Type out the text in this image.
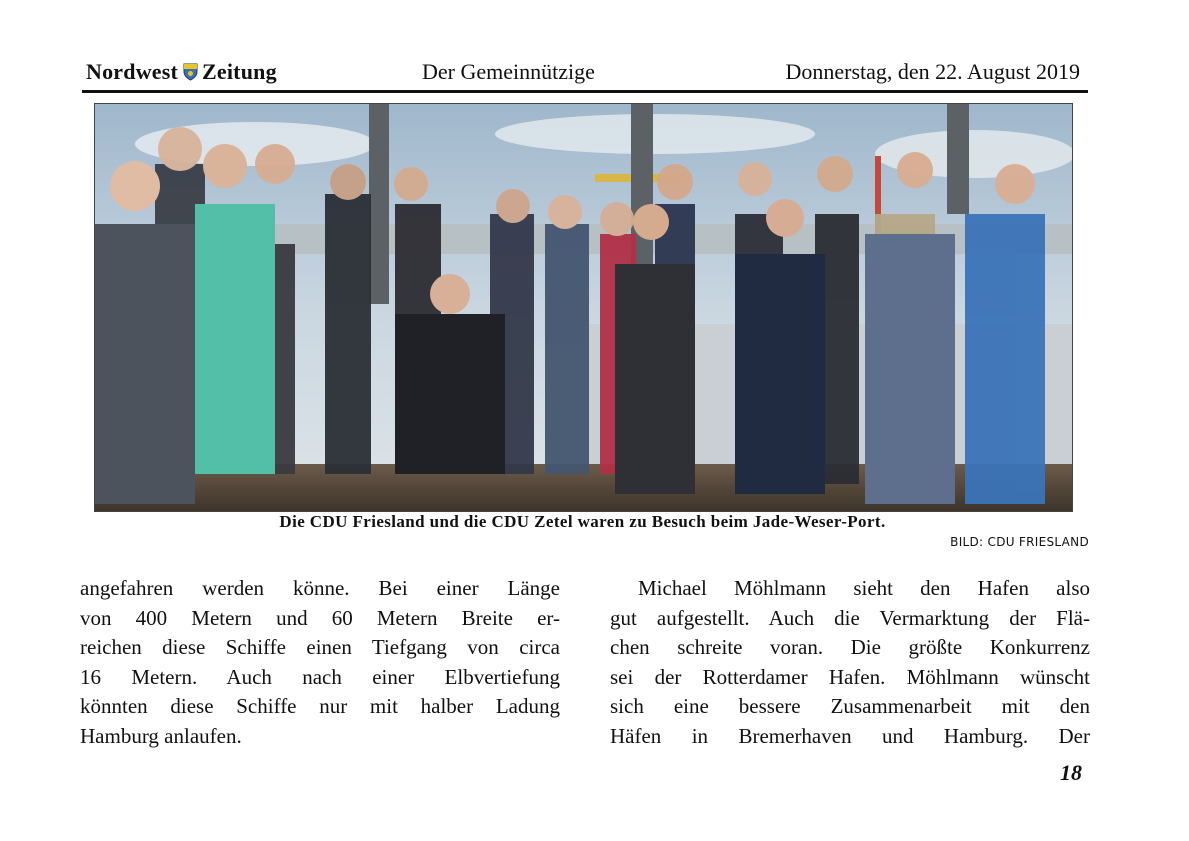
Nordwest Zeitung	Der Gemeinnützige	Donnerstag, den 22. August 2019
Die CDU Friesland und die CDU Zetel waren zu Besuch beim Jade-Weser-Port.
BILD: CDU FRIESLAND
angefahren werden könne. Bei einer Länge
von 400 Metern und 60 Metern Breite er-
reichen diese Schiffe einen Tiefgang von circa
16 Metern. Auch nach einer Elbvertiefung
könnten diese Schiffe nur mit halber Ladung
Hamburg anlaufen.
Michael Möhlmann sieht den Hafen also
gut aufgestellt. Auch die Vermarktung der Flä-
chen schreite voran. Die größte Konkurrenz
sei der Rotterdamer Hafen. Möhlmann wünscht
sich eine bessere Zusammenarbeit mit den
Häfen in Bremerhaven und Hamburg. Der
18
